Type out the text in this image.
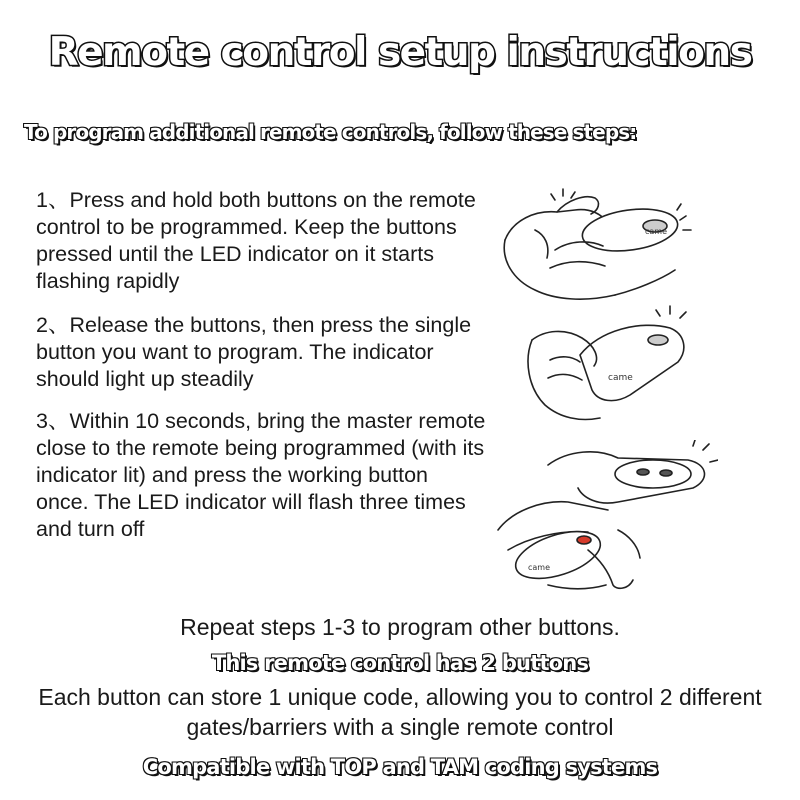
Remote control setup instructions
To program additional remote controls, follow these steps:
1、Press and hold both buttons on the remote control to be programmed. Keep the buttons pressed until the LED indicator on it starts flashing rapidly
2、Release the buttons, then press the single button you want to program. The indicator should light up steadily
3、Within 10 seconds, bring the master remote close to the remote being programmed (with its indicator lit) and press the working button once. The LED indicator will flash three times and turn off
came
came
came
Repeat steps 1-3 to program other buttons.
This remote control has 2 buttons
Each button can store 1 unique code, allowing you to control 2 different gates/barriers with a single remote control
Compatible with TOP and TAM coding systems
